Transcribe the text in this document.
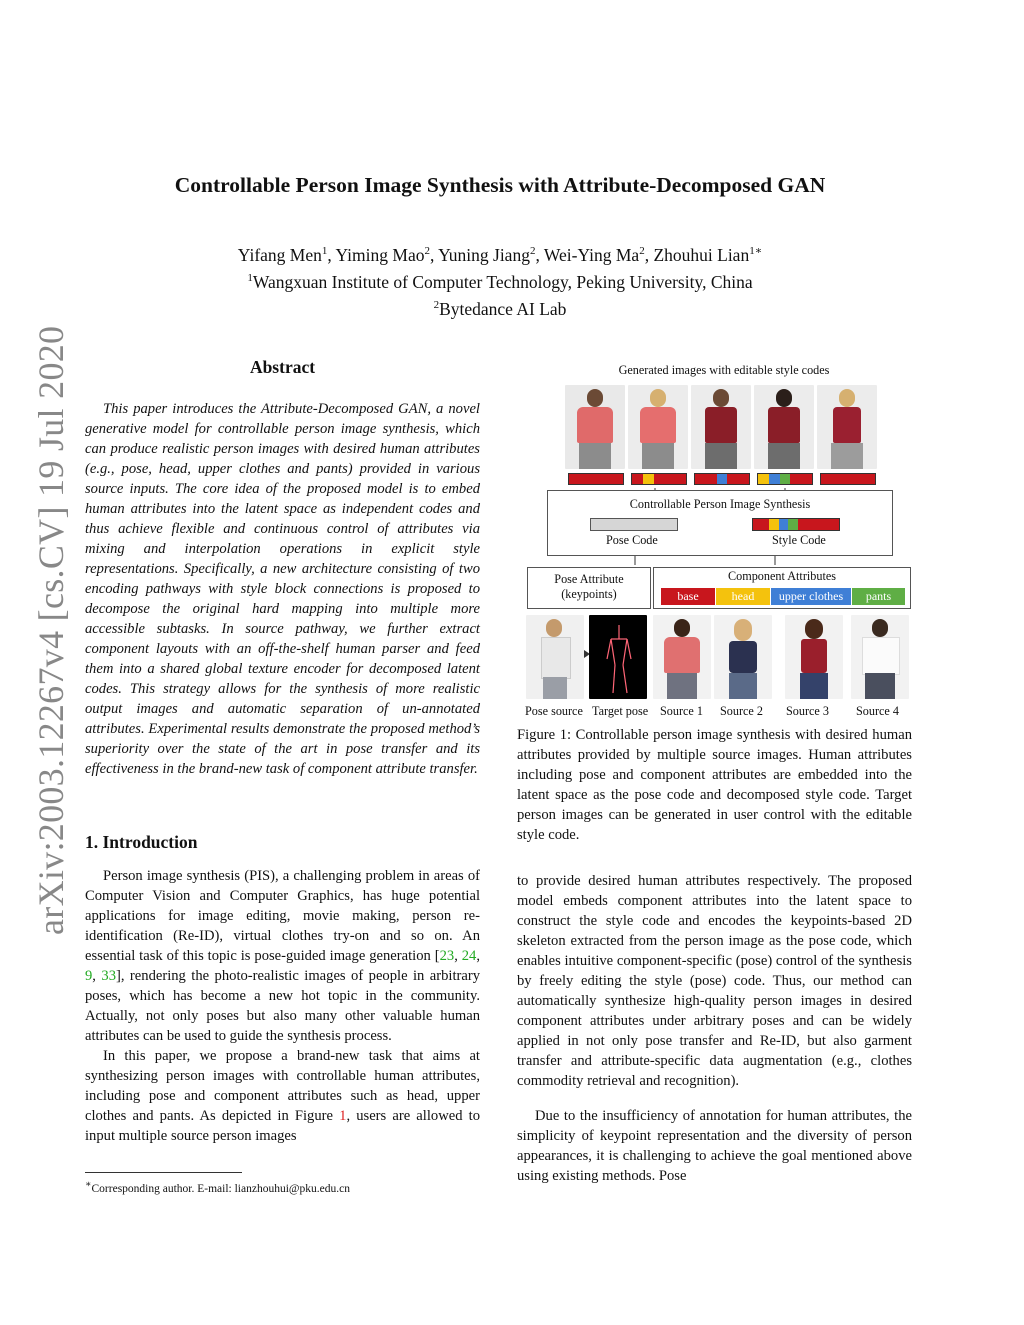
arXiv:2003.12267v4 [cs.CV] 19 Jul 2020
Controllable Person Image Synthesis with Attribute-Decomposed GAN
Yifang Men$^1$, Yiming Mao$^2$, Yuning Jiang$^2$, Wei-Ying Ma$^2$, Zhouhui Lian$^{1∗}$
$^1$Wangxuan Institute of Computer Technology, Peking University, China
$^2$Bytedance AI Lab
Abstract

This paper introduces the Attribute-Decomposed GAN, a novel generative model for controllable person image synthesis, which can produce realistic person images with desired human attributes (e.g., pose, head, upper clothes and pants) provided in various source inputs. The core idea of the proposed model is to embed human attributes into the latent space as independent codes and thus achieve flexible and continuous control of attributes via mixing and interpolation operations in explicit style representations. Specifically, a new architecture consisting of two encoding pathways with style block connections is proposed to decompose the original hard mapping into multiple more accessible subtasks. In source pathway, we further extract component layouts with an off-the-shelf human parser and feed them into a shared global texture encoder for decomposed latent codes. This strategy allows for the synthesis of more realistic output images and automatic separation of un-annotated attributes. Experimental results demonstrate the proposed method’s superiority over the state of the art in pose transfer and its effectiveness in the brand-new task of component attribute transfer.

1. Introduction

Person image synthesis (PIS), a challenging problem in areas of Computer Vision and Computer Graphics, has huge potential applications for image editing, movie making, person re-identification (Re-ID), virtual clothes try-on and so on. An essential task of this topic is pose-guided image generation [23, 24, 9, 33], rendering the photo-realistic images of people in arbitrary poses, which has become a new hot topic in the community. Actually, not only poses but also many other valuable human attributes can be used to guide the synthesis process.

In this paper, we propose a brand-new task that aims at synthesizing person images with controllable human attributes, including pose and component attributes such as head, upper clothes and pants. As depicted in Figure 1, users are allowed to input multiple source person images

∗Corresponding author. E-mail: lianzhouhui@pku.edu.cn
Generated images with editable style codes
Controllable Person Image Synthesis
Pose Code	Style Code
Pose Attribute
(keypoints)
Component Attributes
base	head	upper clothes	pants
Pose source Target pose Source 1 Source 2 Source 3 Source 4

Figure 1: Controllable person image synthesis with desired human attributes provided by multiple source images. Human attributes including pose and component attributes are embedded into the latent space as the pose code and decomposed style code. Target person images can be generated in user control with the editable style code.

to provide desired human attributes respectively. The proposed model embeds component attributes into the latent space to construct the style code and encodes the keypoints-based 2D skeleton extracted from the person image as the pose code, which enables intuitive component-specific (pose) control of the synthesis by freely editing the style (pose) code. Thus, our method can automatically synthesize high-quality person images in desired component attributes under arbitrary poses and can be widely applied in not only pose transfer and Re-ID, but also garment transfer and attribute-specific data augmentation (e.g., clothes commodity retrieval and recognition).

Due to the insufficiency of annotation for human attributes, the simplicity of keypoint representation and the diversity of person appearances, it is challenging to achieve the goal mentioned above using existing methods. Pose
